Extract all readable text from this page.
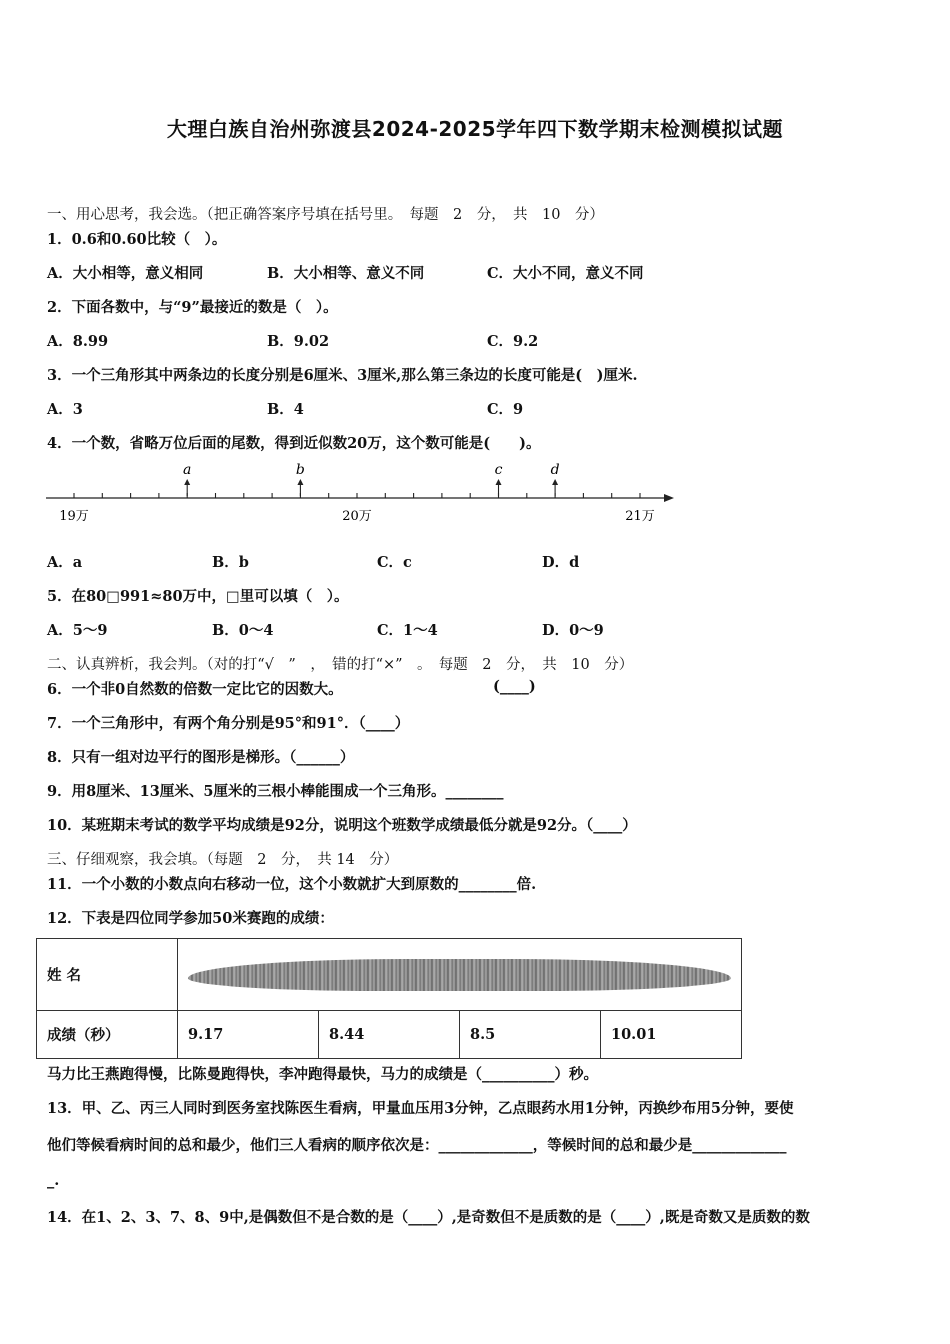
大理白族自治州弥渡县2024-2025学年四下数学期末检测模拟试题
一、用心思考，我会选。（把正确答案序号填在括号里。　每题　2　分，　共　10　分）
1．0.6和0.60比较（　）。
A．大小相等，意义相同	B．大小相等、意义不同	C．大小不同，意义不同
2．下面各数中，与“9”最接近的数是（　）。
A．8.99	B．9.02	C．9.2
3．一个三角形其中两条边的长度分别是6厘米、3厘米,那么第三条边的长度可能是(　)厘米.
A．3	B．4	C．9
4．一个数，省略万位后面的尾数，得到近似数20万，这个数可能是(　　)。
a	b	c	d
19万	20万	21万
A．a	B．b	C．c	D．d
5．在80□991≈80万中，□里可以填（　）。
A．5～9	B．0～4	C．1～4	D．0～9
二、认真辨析，我会判。（对的打“√　”　，　错的打“×”　。　每题　2　分，　共　10　分）
6．一个非0自然数的倍数一定比它的因数大。	(____)
7．一个三角形中，有两个角分别是95°和91°．（____）
8．只有一组对边平行的图形是梯形。（______）
9．用8厘米、13厘米、5厘米的三根小棒能围成一个三角形。________
10．某班期末考试的数学平均成绩是92分，说明这个班数学成绩最低分就是92分。（____）
三、仔细观察，我会填。（每题　2　分，　共 14　分）
11．一个小数的小数点向右移动一位，这个小数就扩大到原数的________倍.
12．下表是四位同学参加50米赛跑的成绩：
姓 名				

成绩（秒）	9.17	8.44	8.5	10.01
马力比王燕跑得慢，比陈曼跑得快，李冲跑得最快，马力的成绩是（__________）秒。
13．甲、乙、丙三人同时到医务室找陈医生看病，甲量血压用3分钟，乙点眼药水用1分钟，丙换纱布用5分钟，要使
他们等候看病时间的总和最少，他们三人看病的顺序依次是：_____________，等候时间的总和最少是_____________
_.
14．在1、2、3、7、8、9中,是偶数但不是合数的是（____）,是奇数但不是质数的是（____）,既是奇数又是质数的数
